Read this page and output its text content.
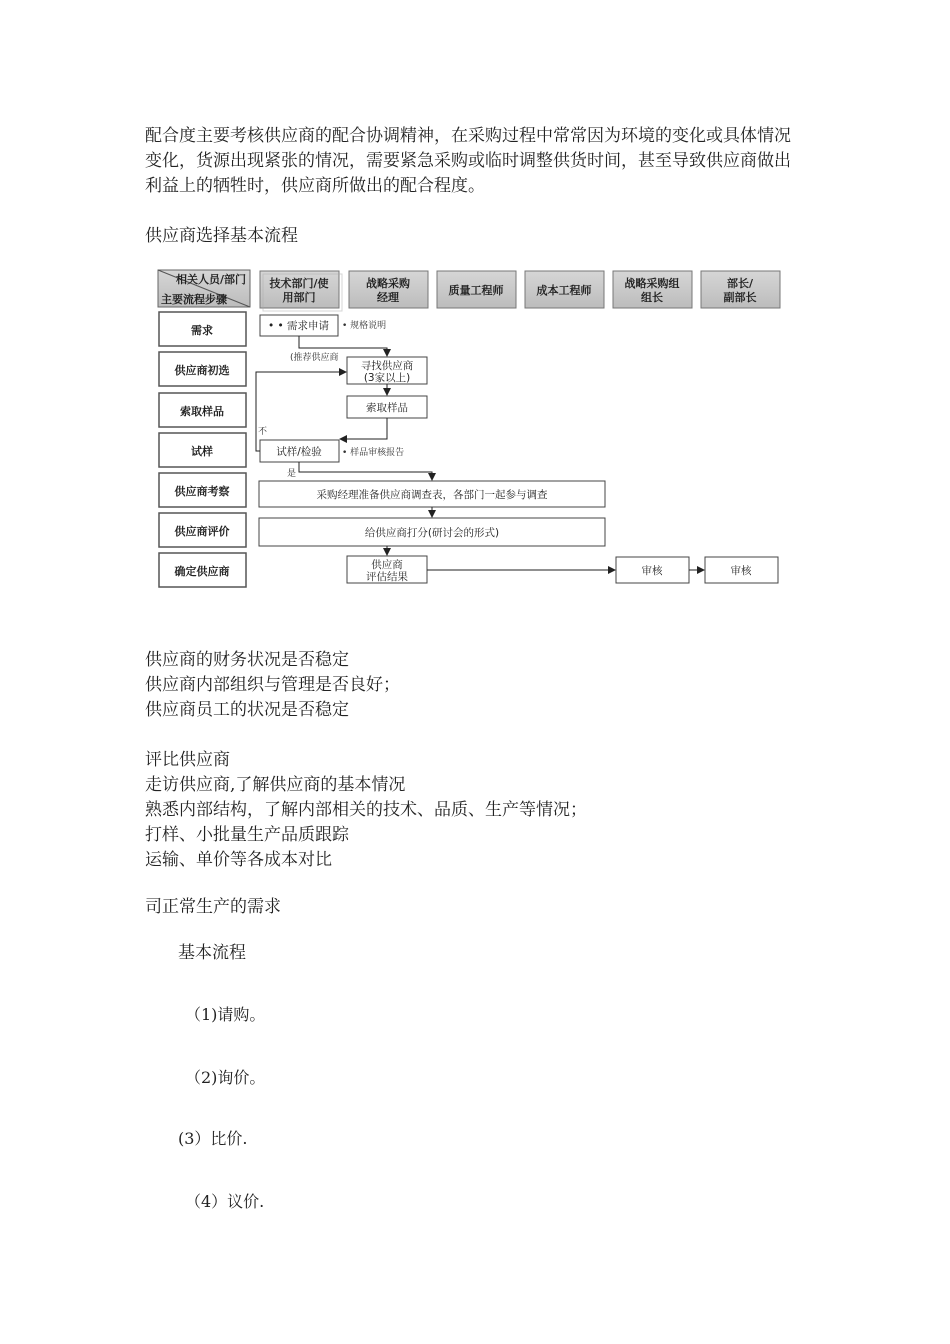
配合度主要考核供应商的配合协调精神，在采购过程中常常因为环境的变化或具体情况变化，货源出现紧张的情况，需要紧急采购或临时调整供货时间，甚至导致供应商做出利益上的牺牲时，供应商所做出的配合程度。

供应商选择基本流程

相关人员/部门
主要流程步骤
技术部门/使
用部门
战略采购
经理
质量工程师	成本工程师
战略采购组
组长
部长/
副部长
需求
供应商初选
索取样品
试样
供应商考察
供应商评价
确定供应商
• • 需求申请
寻找供应商
(3家以上)
索取样品
试样/检验
采购经理准备供应商调查表，各部门一起参与调查
给供应商打分(研讨会的形式)
供应商
评估结果	审核	审核
• 规格说明
(推荐供应商
不
• 样品审核报告
是
供应商的财务状况是否稳定
供应商内部组织与管理是否良好；
供应商员工的状况是否稳定
评比供应商
走访供应商,了解供应商的基本情况
熟悉内部结构，了解内部相关的技术、品质、生产等情况；
打样、小批量生产品质跟踪
运输、单价等各成本对比

司正常生产的需求

基本流程

（1)请购。

（2)询价。

(3）比价.

（4）议价.
